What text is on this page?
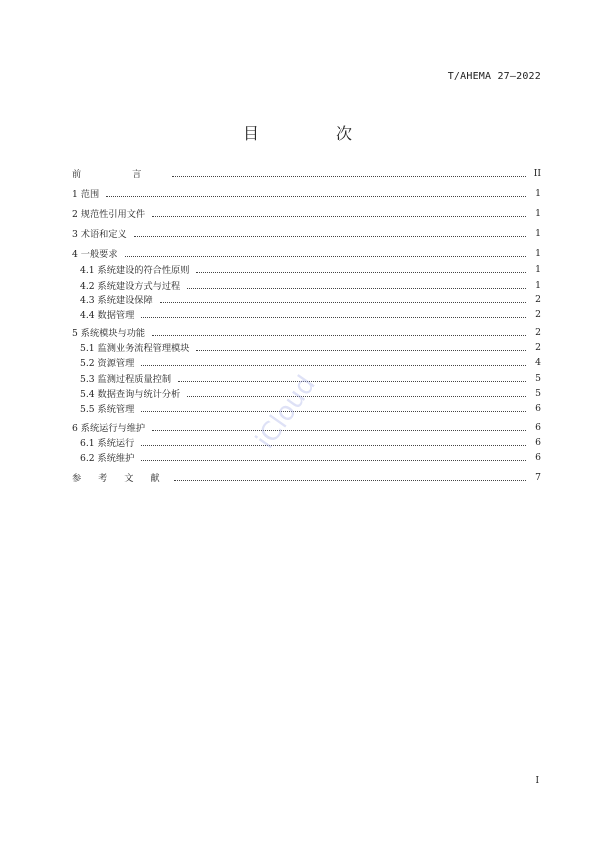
T/AHEMA 27—2022
目 次
前 言	II
1 范围	1
2 规范性引用文件	1
3 术语和定义	1
4 一般要求	1
4.1 系统建设的符合性原则	1
4.2 系统建设方式与过程	1
4.3 系统建设保障	2
4.4 数据管理	2
5 系统模块与功能	2
5.1 监测业务流程管理模块	2
5.2 资源管理	4
5.3 监测过程质量控制	5
5.4 数据查询与统计分析	5
5.5 系统管理	6
6 系统运行与维护	6
6.1 系统运行	6
6.2 系统维护	6
参 考 文 献	7
iCloud
I
